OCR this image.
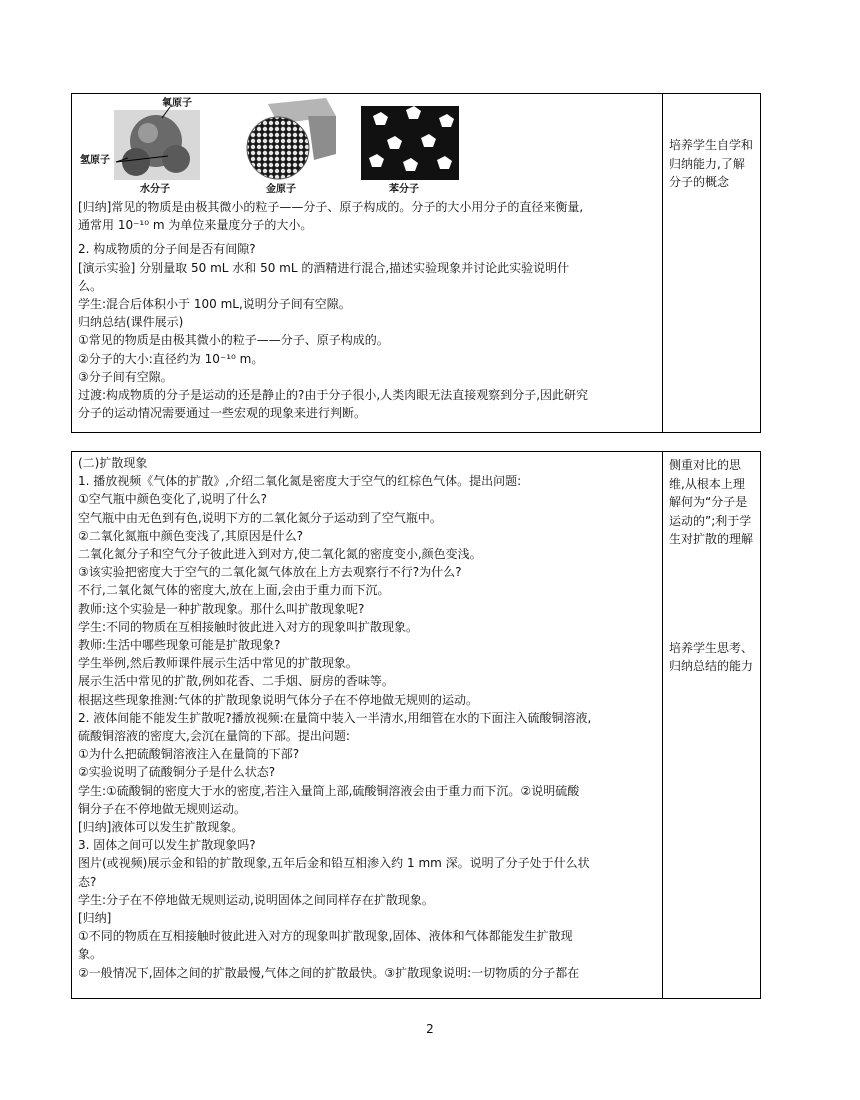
氧原子
氢原子
水分子	金原子	苯分子
[归纳]常见的物质是由极其微小的粒子——分子、原子构成的。分子的大小用分子的直径来衡量,
通常用 10⁻¹⁰ m 为单位来量度分子的大小。
2. 构成物质的分子间是否有间隙?
[演示实验] 分别量取 50 mL 水和 50 mL 的酒精进行混合,描述实验现象并讨论此实验说明什
么。
学生:混合后体积小于 100 mL,说明分子间有空隙。
归纳总结(课件展示)
①常见的物质是由极其微小的粒子——分子、原子构成的。
②分子的大小:直径约为 10⁻¹⁰ m。
③分子间有空隙。
过渡:构成物质的分子是运动的还是静止的?由于分子很小,人类肉眼无法直接观察到分子,因此研究
分子的运动情况需要通过一些宏观的现象来进行判断。
培养学生自学和归纳能力,了解分子的概念
(二)扩散现象
1. 播放视频《气体的扩散》,介绍二氧化氮是密度大于空气的红棕色气体。提出问题:
①空气瓶中颜色变化了,说明了什么?
空气瓶中由无色到有色,说明下方的二氧化氮分子运动到了空气瓶中。
②二氧化氮瓶中颜色变浅了,其原因是什么?
二氧化氮分子和空气分子彼此进入到对方,使二氧化氮的密度变小,颜色变浅。
③该实验把密度大于空气的二氧化氮气体放在上方去观察行不行?为什么?
不行,二氧化氮气体的密度大,放在上面,会由于重力而下沉。
教师:这个实验是一种扩散现象。那什么叫扩散现象呢?
学生:不同的物质在互相接触时彼此进入对方的现象叫扩散现象。
教师:生活中哪些现象可能是扩散现象?
学生举例,然后教师课件展示生活中常见的扩散现象。
展示生活中常见的扩散,例如花香、二手烟、厨房的香味等。
根据这些现象推测:气体的扩散现象说明气体分子在不停地做无规则的运动。
2. 液体间能不能发生扩散呢?播放视频:在量筒中装入一半清水,用细管在水的下面注入硫酸铜溶液,
硫酸铜溶液的密度大,会沉在量筒的下部。提出问题:
①为什么把硫酸铜溶液注入在量筒的下部?
②实验说明了硫酸铜分子是什么状态?
学生:①硫酸铜的密度大于水的密度,若注入量筒上部,硫酸铜溶液会由于重力而下沉。②说明硫酸
铜分子在不停地做无规则运动。
[归纳]液体可以发生扩散现象。
3. 固体之间可以发生扩散现象吗?
图片(或视频)展示金和铅的扩散现象,五年后金和铅互相渗入约 1 mm 深。说明了分子处于什么状
态?
学生:分子在不停地做无规则运动,说明固体之间同样存在扩散现象。
[归纳]
①不同的物质在互相接触时彼此进入对方的现象叫扩散现象,固体、液体和气体都能发生扩散现
象。
②一般情况下,固体之间的扩散最慢,气体之间的扩散最快。③扩散现象说明:一切物质的分子都在
侧重对比的思维,从根本上理解何为“分子是运动的”;利于学生对扩散的理解
培养学生思考、归纳总结的能力
2
